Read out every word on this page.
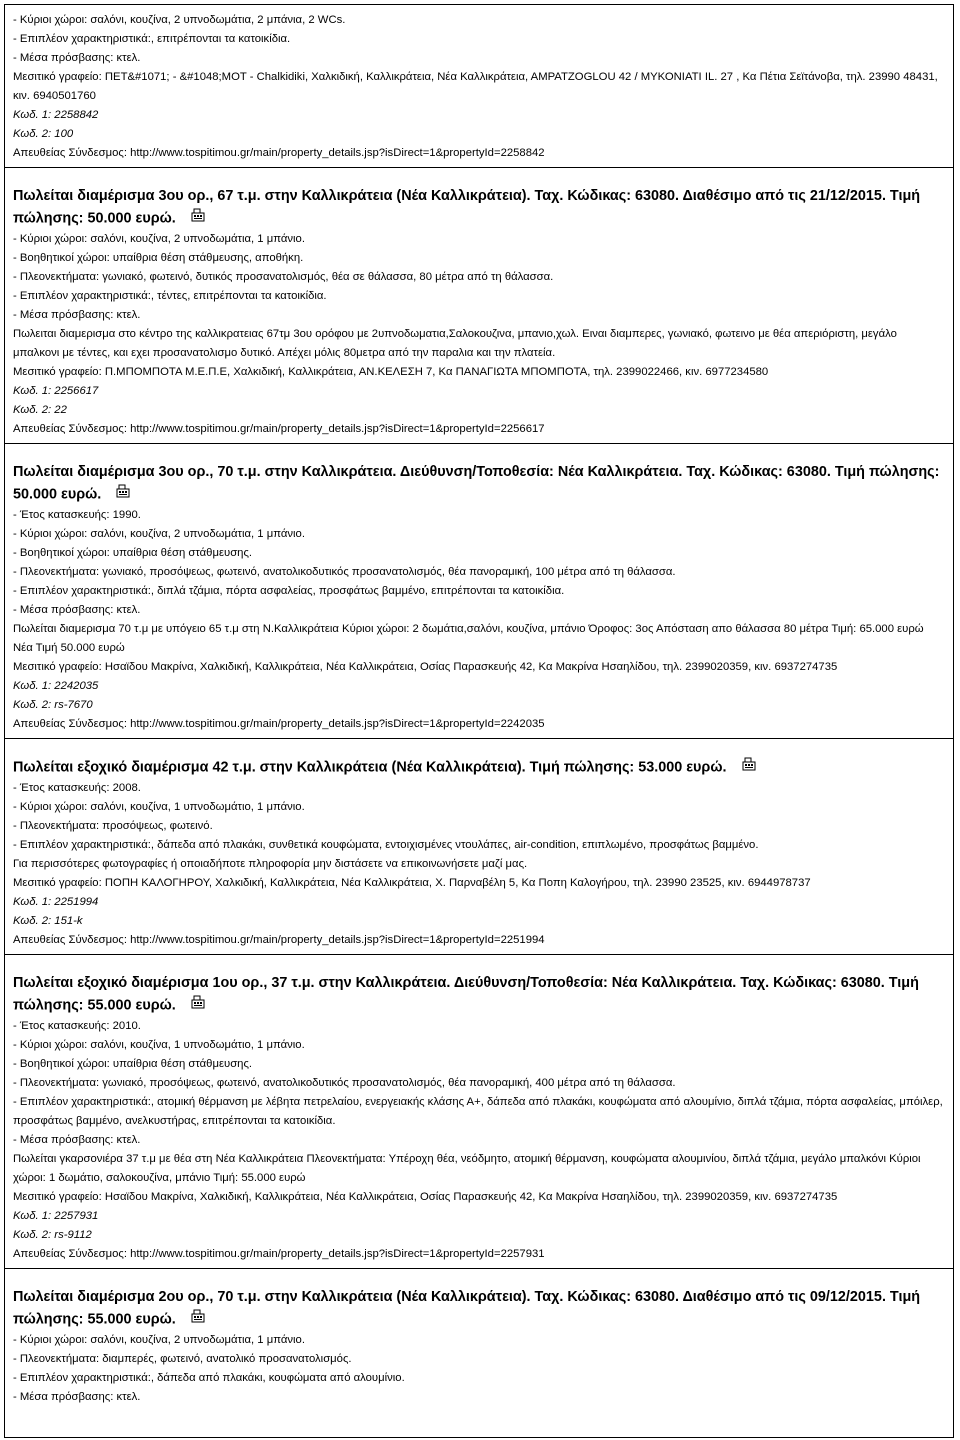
- Κύριοι χώροι: σαλόνι, κουζίνα, 2 υπνοδωμάτια, 2 μπάνια, 2 WCs.
- Επιπλέον χαρακτηριστικά:, επιτρέπονται τα κατοικίδια.
- Μέσα πρόσβασης: κτελ.
Μεσιτικό γραφείο: ΠΕΤ&#1071; - &#1048;ΜΟΤ - Chalkidiki, Χαλκιδική, Καλλικράτεια, Νέα Καλλικράτεια, ΑΜΡΑΤΖΟGLOU 42 / ΜΥΚΟΝΙΑΤΙ IL. 27 , Κα Πέτια Σεϊτάνοβα, τηλ. 23990 48431, κιν. 6940501760
Κωδ. 1: 2258842
Κωδ. 2: 100
Απευθείας Σύνδεσμος: http://www.tospitimou.gr/main/property_details.jsp?isDirect=1&propertyId=2258842
Πωλείται διαμέρισμα 3ου ορ., 67 τ.μ. στην Καλλικράτεια (Νέα Καλλικράτεια). Ταχ. Κώδικας: 63080. Διαθέσιμο από τις 21/12/2015. Τιμή πώλησης: 50.000 ευρώ.
- Κύριοι χώροι: σαλόνι, κουζίνα, 2 υπνοδωμάτια, 1 μπάνιο.
- Βοηθητικοί χώροι: υπαίθρια θέση στάθμευσης, αποθήκη.
- Πλεονεκτήματα: γωνιακό, φωτεινό, δυτικός προσανατολισμός, θέα σε θάλασσα, 80 μέτρα από τη θάλασσα.
- Επιπλέον χαρακτηριστικά:, τέντες, επιτρέπονται τα κατοικίδια.
- Μέσα πρόσβασης: κτελ.
Πωλειται διαμερισμα στο κέντρο της καλλικρατειας 67τμ 3ου ορόφου με 2υπνοδωματια,Σαλοκουζινα, μπανιο,χωλ. Ειναι διαμπερες, γωνιακό, φωτεινο με θέα απεριόριστη, μεγάλο μπαλκονι με τέντες, και εχει προσανατολισμο δυτικό. Απέχει μόλις 80μετρα από την παραλια και την πλατεία.
Μεσιτικό γραφείο: Π.ΜΠΟΜΠΟΤΑ Μ.Ε.Π.Ε, Χαλκιδική, Καλλικράτεια, ΑΝ.ΚΕΛΕΣΗ 7, Κα ΠΑΝΑΓΙΩΤΑ ΜΠΟΜΠΟΤΑ, τηλ. 2399022466, κιν. 6977234580
Κωδ. 1: 2256617
Κωδ. 2: 22
Απευθείας Σύνδεσμος: http://www.tospitimou.gr/main/property_details.jsp?isDirect=1&propertyId=2256617
Πωλείται διαμέρισμα 3ου ορ., 70 τ.μ. στην Καλλικράτεια. Διεύθυνση/Τοποθεσία: Νέα Καλλικράτεια. Ταχ. Κώδικας: 63080. Τιμή πώλησης: 50.000 ευρώ.
- Έτος κατασκευής: 1990.
- Κύριοι χώροι: σαλόνι, κουζίνα, 2 υπνοδωμάτια, 1 μπάνιο.
- Βοηθητικοί χώροι: υπαίθρια θέση στάθμευσης.
- Πλεονεκτήματα: γωνιακό, προσόψεως, φωτεινό, ανατολικοδυτικός προσανατολισμός, θέα πανοραμική, 100 μέτρα από τη θάλασσα.
- Επιπλέον χαρακτηριστικά:, διπλά τζάμια, πόρτα ασφαλείας, προσφάτως βαμμένο, επιτρέπονται τα κατοικίδια.
- Μέσα πρόσβασης: κτελ.
Πωλείται διαμερισμα 70 τ.μ με υπόγειο 65 τ.μ στη Ν.Καλλικράτεια Κύριοι χώροι: 2 δωμάτια,σαλόνι, κουζίνα, μπάνιο Όροφος: 3ος Απόσταση απο θάλασσα 80 μέτρα Τιμή: 65.000 ευρώ Νέα Τιμή 50.000 ευρώ
Μεσιτικό γραφείο: Ησαϊδου Μακρίνα, Χαλκιδική, Καλλικράτεια, Νέα Καλλικράτεια, Οσίας Παρασκευής 42, Κα Μακρίνα Ησαηλίδου, τηλ. 2399020359, κιν. 6937274735
Κωδ. 1: 2242035
Κωδ. 2: rs-7670
Απευθείας Σύνδεσμος: http://www.tospitimou.gr/main/property_details.jsp?isDirect=1&propertyId=2242035
Πωλείται εξοχικό διαμέρισμα 42 τ.μ. στην Καλλικράτεια (Νέα Καλλικράτεια). Τιμή πώλησης: 53.000 ευρώ.
- Έτος κατασκευής: 2008.
- Κύριοι χώροι: σαλόνι, κουζίνα, 1 υπνοδωμάτιο, 1 μπάνιο.
- Πλεονεκτήματα: προσόψεως, φωτεινό.
- Επιπλέον χαρακτηριστικά:, δάπεδα από πλακάκι, συνθετικά κουφώματα, εντοιχισμένες ντουλάπες, air-condition, επιπλωμένο, προσφάτως βαμμένο.
Για περισσότερες φωτογραφίες ή οποιαδήποτε πληροφορία μην διστάσετε να επικοινωνήσετε μαζί μας.
Μεσιτικό γραφείο: ΠΟΠΗ ΚΑΛΟΓΗΡΟΥ, Χαλκιδική, Καλλικράτεια, Νέα Καλλικράτεια, Χ. Παρναβέλη 5, Κα Ποπη Καλογήρου, τηλ. 23990 23525, κιν. 6944978737
Κωδ. 1: 2251994
Κωδ. 2: 151-k
Απευθείας Σύνδεσμος: http://www.tospitimou.gr/main/property_details.jsp?isDirect=1&propertyId=2251994
Πωλείται εξοχικό διαμέρισμα 1ου ορ., 37 τ.μ. στην Καλλικράτεια. Διεύθυνση/Τοποθεσία: Νέα Καλλικράτεια. Ταχ. Κώδικας: 63080. Τιμή πώλησης: 55.000 ευρώ.
- Έτος κατασκευής: 2010.
- Κύριοι χώροι: σαλόνι, κουζίνα, 1 υπνοδωμάτιο, 1 μπάνιο.
- Βοηθητικοί χώροι: υπαίθρια θέση στάθμευσης.
- Πλεονεκτήματα: γωνιακό, προσόψεως, φωτεινό, ανατολικοδυτικός προσανατολισμός, θέα πανοραμική, 400 μέτρα από τη θάλασσα.
- Επιπλέον χαρακτηριστικά:, ατομική θέρμανση με λέβητα πετρελαίου, ενεργειακής κλάσης Α+, δάπεδα από πλακάκι, κουφώματα από αλουμίνιο, διπλά τζάμια, πόρτα ασφαλείας, μπόιλερ, προσφάτως βαμμένο, ανελκυστήρας, επιτρέπονται τα κατοικίδια.
- Μέσα πρόσβασης: κτελ.
Πωλείται γκαρσονιέρα 37 τ.μ με θέα στη Νέα Καλλικράτεια Πλεονεκτήματα: Υπέροχη θέα, νεόδμητο, ατομική θέρμανση, κουφώματα αλουμινίου, διπλά τζάμια, μεγάλο μπαλκόνι Κύριοι χώροι: 1 δωμάτιο, σαλοκουζίνα, μπάνιο Τιμή: 55.000 ευρώ
Μεσιτικό γραφείο: Ησαϊδου Μακρίνα, Χαλκιδική, Καλλικράτεια, Νέα Καλλικράτεια, Οσίας Παρασκευής 42, Κα Μακρίνα Ησαηλίδου, τηλ. 2399020359, κιν. 6937274735
Κωδ. 1: 2257931
Κωδ. 2: rs-9112
Απευθείας Σύνδεσμος: http://www.tospitimou.gr/main/property_details.jsp?isDirect=1&propertyId=2257931
Πωλείται διαμέρισμα 2ου ορ., 70 τ.μ. στην Καλλικράτεια (Νέα Καλλικράτεια). Ταχ. Κώδικας: 63080. Διαθέσιμο από τις 09/12/2015. Τιμή πώλησης: 55.000 ευρώ.
- Κύριοι χώροι: σαλόνι, κουζίνα, 2 υπνοδωμάτια, 1 μπάνιο.
- Πλεονεκτήματα: διαμπερές, φωτεινό, ανατολικό προσανατολισμός.
- Επιπλέον χαρακτηριστικά:, δάπεδα από πλακάκι, κουφώματα από αλουμίνιο.
- Μέσα πρόσβασης: κτελ.
